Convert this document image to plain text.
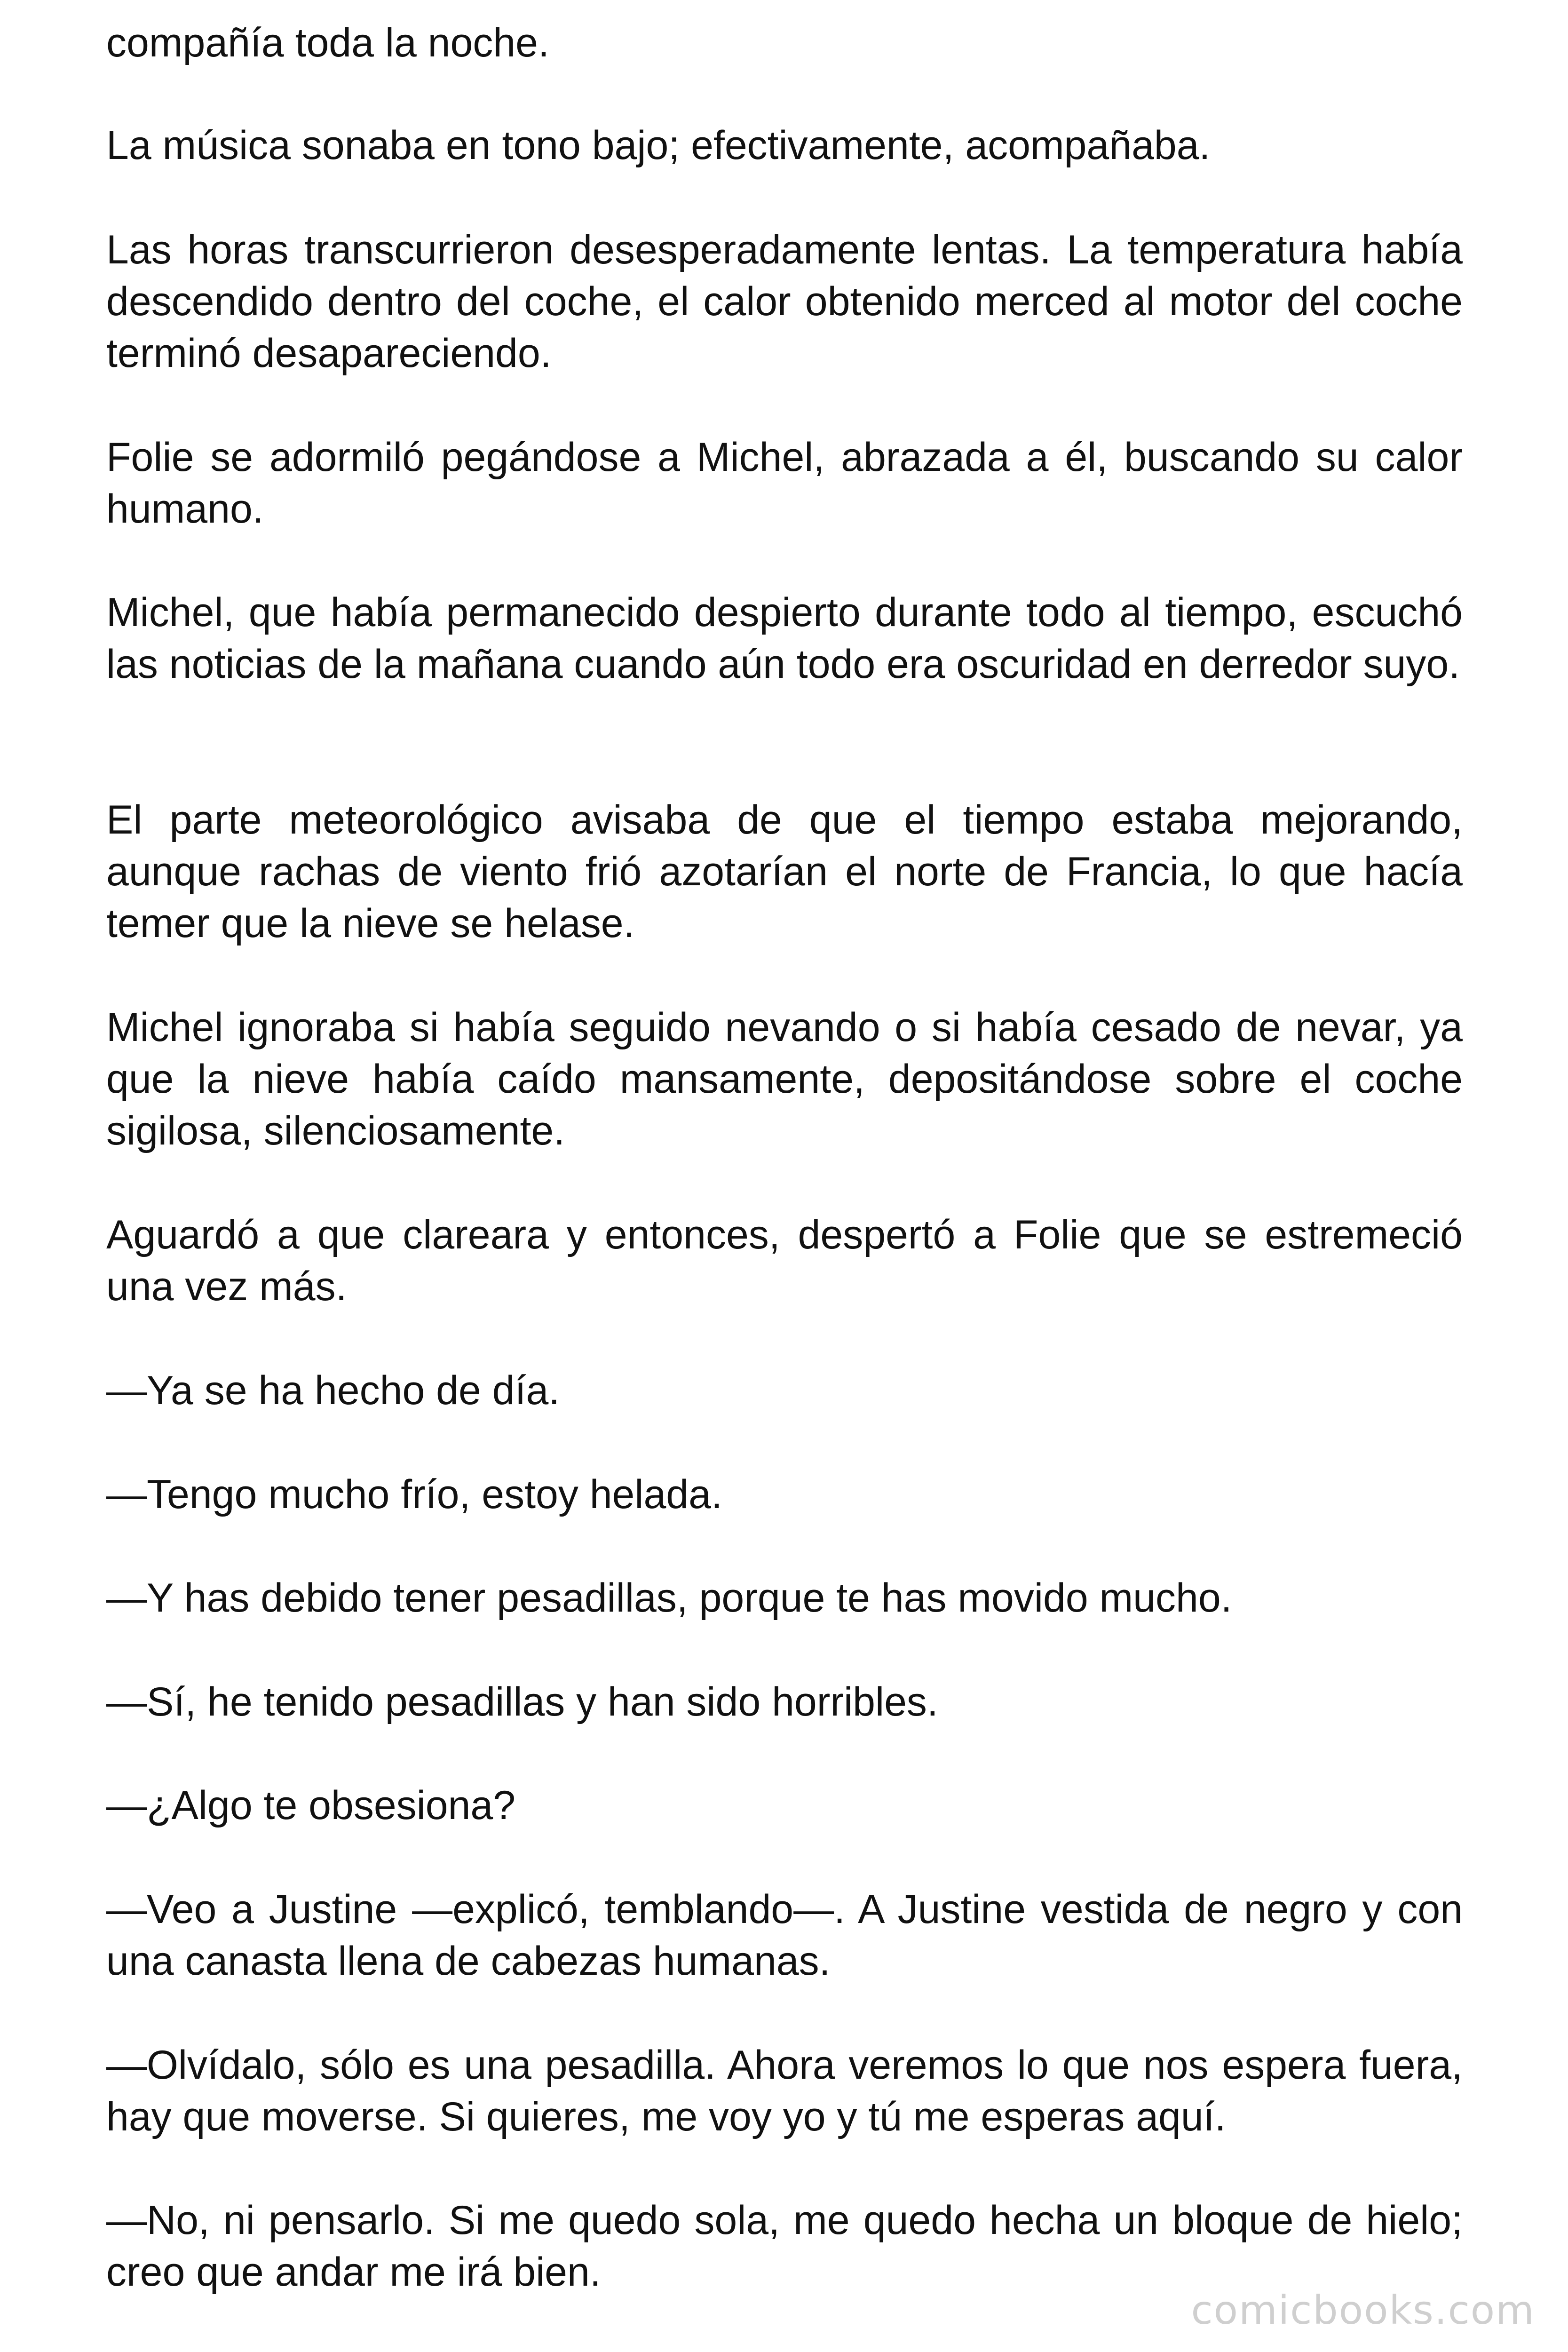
compañía toda la noche.

La música sonaba en tono bajo; efectivamente, acompañaba.

Las horas transcurrieron desesperadamente lentas. La temperatura había descendido dentro del coche, el calor obtenido merced al motor del coche terminó desapareciendo.

Folie se adormiló pegándose a Michel, abrazada a él, buscando su calor humano.

Michel, que había permanecido despierto durante todo al tiempo, escuchó las noticias de la mañana cuando aún todo era oscuridad en derredor suyo.

El parte meteorológico avisaba de que el tiempo estaba mejorando, aunque rachas de viento frió azotarían el norte de Francia, lo que hacía temer que la nieve se helase.

Michel ignoraba si había seguido nevando o si había cesado de nevar, ya que la nieve había caído mansamente, depositándose sobre el coche sigilosa, silenciosamente.

Aguardó a que clareara y entonces, despertó a Folie que se estremeció una vez más.

—Ya se ha hecho de día.

—Tengo mucho frío, estoy helada.

—Y has debido tener pesadillas, porque te has movido mucho.

—Sí, he tenido pesadillas y han sido horribles.

—¿Algo te obsesiona?

—Veo a Justine —explicó, temblando—. A Justine vestida de negro y con una canasta llena de cabezas humanas.

—Olvídalo, sólo es una pesadilla. Ahora veremos lo que nos espera fuera, hay que moverse. Si quieres, me voy yo y tú me esperas aquí.

—No, ni pensarlo. Si me quedo sola, me quedo hecha un bloque de hielo; creo que andar me irá bien.

comicbooks.com
